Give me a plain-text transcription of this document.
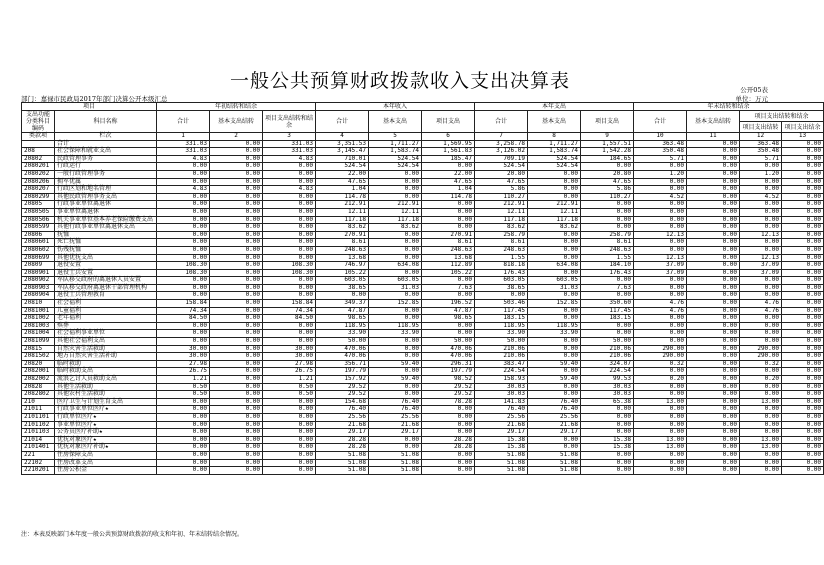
一般公共预算财政拨款收入支出决算表	公开05表
部门：嘉禄市民政局2017年部门决算公开本级汇总	单位：万元
项目		年初结转和结余			本年收入			本年支出			年末结转和结余			
支出功能分类科目编码	科目名称	合计	基本支出结转	项目支出结转和结余	合计	基本支出	项目支出	合计	基本支出	项目支出	合计	基本支出结转	项目支出结转和结余	
													项目支出结转	项目支出结余
类款项	栏次	1	2	3	4	5	6	7	8	9	10	11	12	13
	合计	331.03	0.00	331.03	3,351.53	1,711.27	1,569.95	3,258.78	1,711.27	1,557.51	363.48	0.00	363.48	0.00
208	社会保障和就业支出	331.03	0.00	331.03	3,145.47	1,583.74	1,561.83	3,126.02	1,583.74	1,542.28	350.48	0.00	350.48	0.00
20802	民政管理事务	4.83	0.00	4.83	710.01	524.54	185.47	709.19	524.54	184.65	5.71	0.00	5.71	0.00
2080201	行政运行	0.00	0.00	0.00	524.54	524.54	0.00	524.54	524.54	0.00	0.00	0.00	0.00	0.00
2080202	一般行政管理事务	0.00	0.00	0.00	22.00	0.00	22.00	20.80	0.00	20.80	1.20	0.00	1.20	0.00
2080206	拥军优属	0.00	0.00	0.00	47.65	0.00	47.65	47.65	0.00	47.65	0.00	0.00	0.00	0.00
2080207	行政区划和地名管理	4.83	0.00	4.83	1.04	0.00	1.04	5.86	0.00	5.86	0.00	0.00	0.00	0.00
2080299	其他民政管理事务支出	0.00	0.00	0.00	114.78	0.00	114.78	110.27	0.00	110.27	4.52	0.00	4.52	0.00
20805	行政事业单位离退休	0.00	0.00	0.00	212.91	212.91	0.00	212.91	212.91	0.00	0.00	0.00	0.00	0.00
2080505	事业单位离退休	0.00	0.00	0.00	12.11	12.11	0.00	12.11	12.11	0.00	0.00	0.00	0.00	0.00
2080506	机关事业单位基本养老保险缴费支出	0.00	0.00	0.00	117.18	117.18	0.00	117.18	117.18	0.00	0.00	0.00	0.00	0.00
2080599	其他行政事业单位离退休支出	0.00	0.00	0.00	83.62	83.62	0.00	83.62	83.62	0.00	0.00	0.00	0.00	0.00
20806	抚恤	0.00	0.00	0.00	270.91	0.00	270.91	258.79	0.00	258.79	12.13	0.00	12.13	0.00
2080601	死亡抚恤	0.00	0.00	0.00	8.61	0.00	8.61	8.61	0.00	8.61	0.00	0.00	0.00	0.00
2080602	伤残抚恤	0.00	0.00	0.00	248.63	0.00	248.63	248.63	0.00	248.63	0.00	0.00	0.00	0.00
2080699	其他优抚支出	0.00	0.00	0.00	13.68	0.00	13.68	1.55	0.00	1.55	12.13	0.00	12.13	0.00
20809	退役安置	108.30	0.00	108.30	746.97	634.08	112.89	818.18	634.08	184.10	37.09	0.00	37.09	0.00
2080901	退役士兵安置	108.30	0.00	108.30	105.22	0.00	105.22	176.43	0.00	176.43	37.09	0.00	37.09	0.00
2080902	军队移交政府的离退休人员安置	0.00	0.00	0.00	603.05	603.05	0.00	603.05	603.05	0.00	0.00	0.00	0.00	0.00
2080903	军队移交政府离退休干部管理机构	0.00	0.00	0.00	38.65	31.03	7.63	38.65	31.03	7.63	0.00	0.00	0.00	0.00
2080904	退役士兵管理教育	0.00	0.00	0.00	0.00	0.00	0.00	0.00	0.00	0.00	0.00	0.00	0.00	0.00
20810	社会福利	158.84	0.00	158.84	349.37	152.85	196.52	503.46	152.85	350.60	4.76	0.00	4.76	0.00
2081001	儿童福利	74.34	0.00	74.34	47.87	0.00	47.87	117.45	0.00	117.45	4.76	0.00	4.76	0.00
2081002	老年福利	84.50	0.00	84.50	98.65	0.00	98.65	183.15	0.00	183.15	0.00	0.00	0.00	0.00
2081003	殡葬	0.00	0.00	0.00	118.95	118.95	0.00	118.95	118.95	0.00	0.00	0.00	0.00	0.00
2081004	社会福利事业单位	0.00	0.00	0.00	33.90	33.90	0.00	33.90	33.90	0.00	0.00	0.00	0.00	0.00
2081099	其他社会福利支出	0.00	0.00	0.00	50.00	0.00	50.00	50.00	0.00	50.00	0.00	0.00	0.00	0.00
20815	自然灾害生活救助	30.00	0.00	30.00	470.06	0.00	470.06	210.06	0.00	210.06	290.00	0.00	290.00	0.00
2081502	地方自然灾害生活补助	30.00	0.00	30.00	470.06	0.00	470.06	210.06	0.00	210.06	290.00	0.00	290.00	0.00
20820	临时救助	27.98	0.00	27.98	356.71	59.40	296.31	383.47	59.40	324.07	0.32	0.00	0.32	0.00
2082001	临时救助支出	26.75	0.00	26.75	197.79	0.00	197.79	224.54	0.00	224.54	0.00	0.00	0.00	0.00
2082002	流浪乞讨人员救助支出	1.21	0.00	1.21	157.92	59.40	98.52	158.93	59.40	99.53	0.20	0.00	0.20	0.00
20828	其他生活救助	0.50	0.00	0.50	29.52	0.00	29.52	30.03	0.00	30.03	0.00	0.00	0.00	0.00
2082802	其他农村生活救助	0.50	0.00	0.50	29.52	0.00	29.52	30.03	0.00	30.03	0.00	0.00	0.00	0.00
210	医疗卫生与计划生育支出	0.00	0.00	0.00	154.68	76.40	78.28	141.83	76.40	65.38	13.00	0.00	13.00	0.00
21011	行政事业单位医疗★	0.00	0.00	0.00	76.40	76.40	0.00	76.40	76.40	0.00	0.00	0.00	0.00	0.00
2101101	行政单位医疗★	0.00	0.00	0.00	25.56	25.56	0.00	25.56	25.56	0.00	0.00	0.00	0.00	0.00
2101102	事业单位医疗★	0.00	0.00	0.00	21.68	21.68	0.00	21.68	21.68	0.00	0.00	0.00	0.00	0.00
2101103	公务员医疗补助★	0.00	0.00	0.00	29.17	29.17	0.00	29.17	29.17	0.00	0.00	0.00	0.00	0.00
21014	优抚对象医疗★	0.00	0.00	0.00	28.28	0.00	28.28	15.38	0.00	15.38	13.00	0.00	13.00	0.00
2101401	优抚对象医疗补助★	0.00	0.00	0.00	28.28	0.00	28.28	15.38	0.00	15.38	13.00	0.00	13.00	0.00
221	住房保障支出	0.00	0.00	0.00	51.08	51.08	0.00	51.08	51.08	0.00	0.00	0.00	0.00	0.00
22102	住房改革支出	0.00	0.00	0.00	51.08	51.08	0.00	51.08	51.08	0.00	0.00	0.00	0.00	0.00
2210201	住房公积金	0.00	0.00	0.00	51.08	51.08	0.00	51.08	51.08	0.00	0.00	0.00	0.00	0.00
注：本表反映部门本年度一般公共预算财政拨款的收支和年初、年末结转结余情况。
